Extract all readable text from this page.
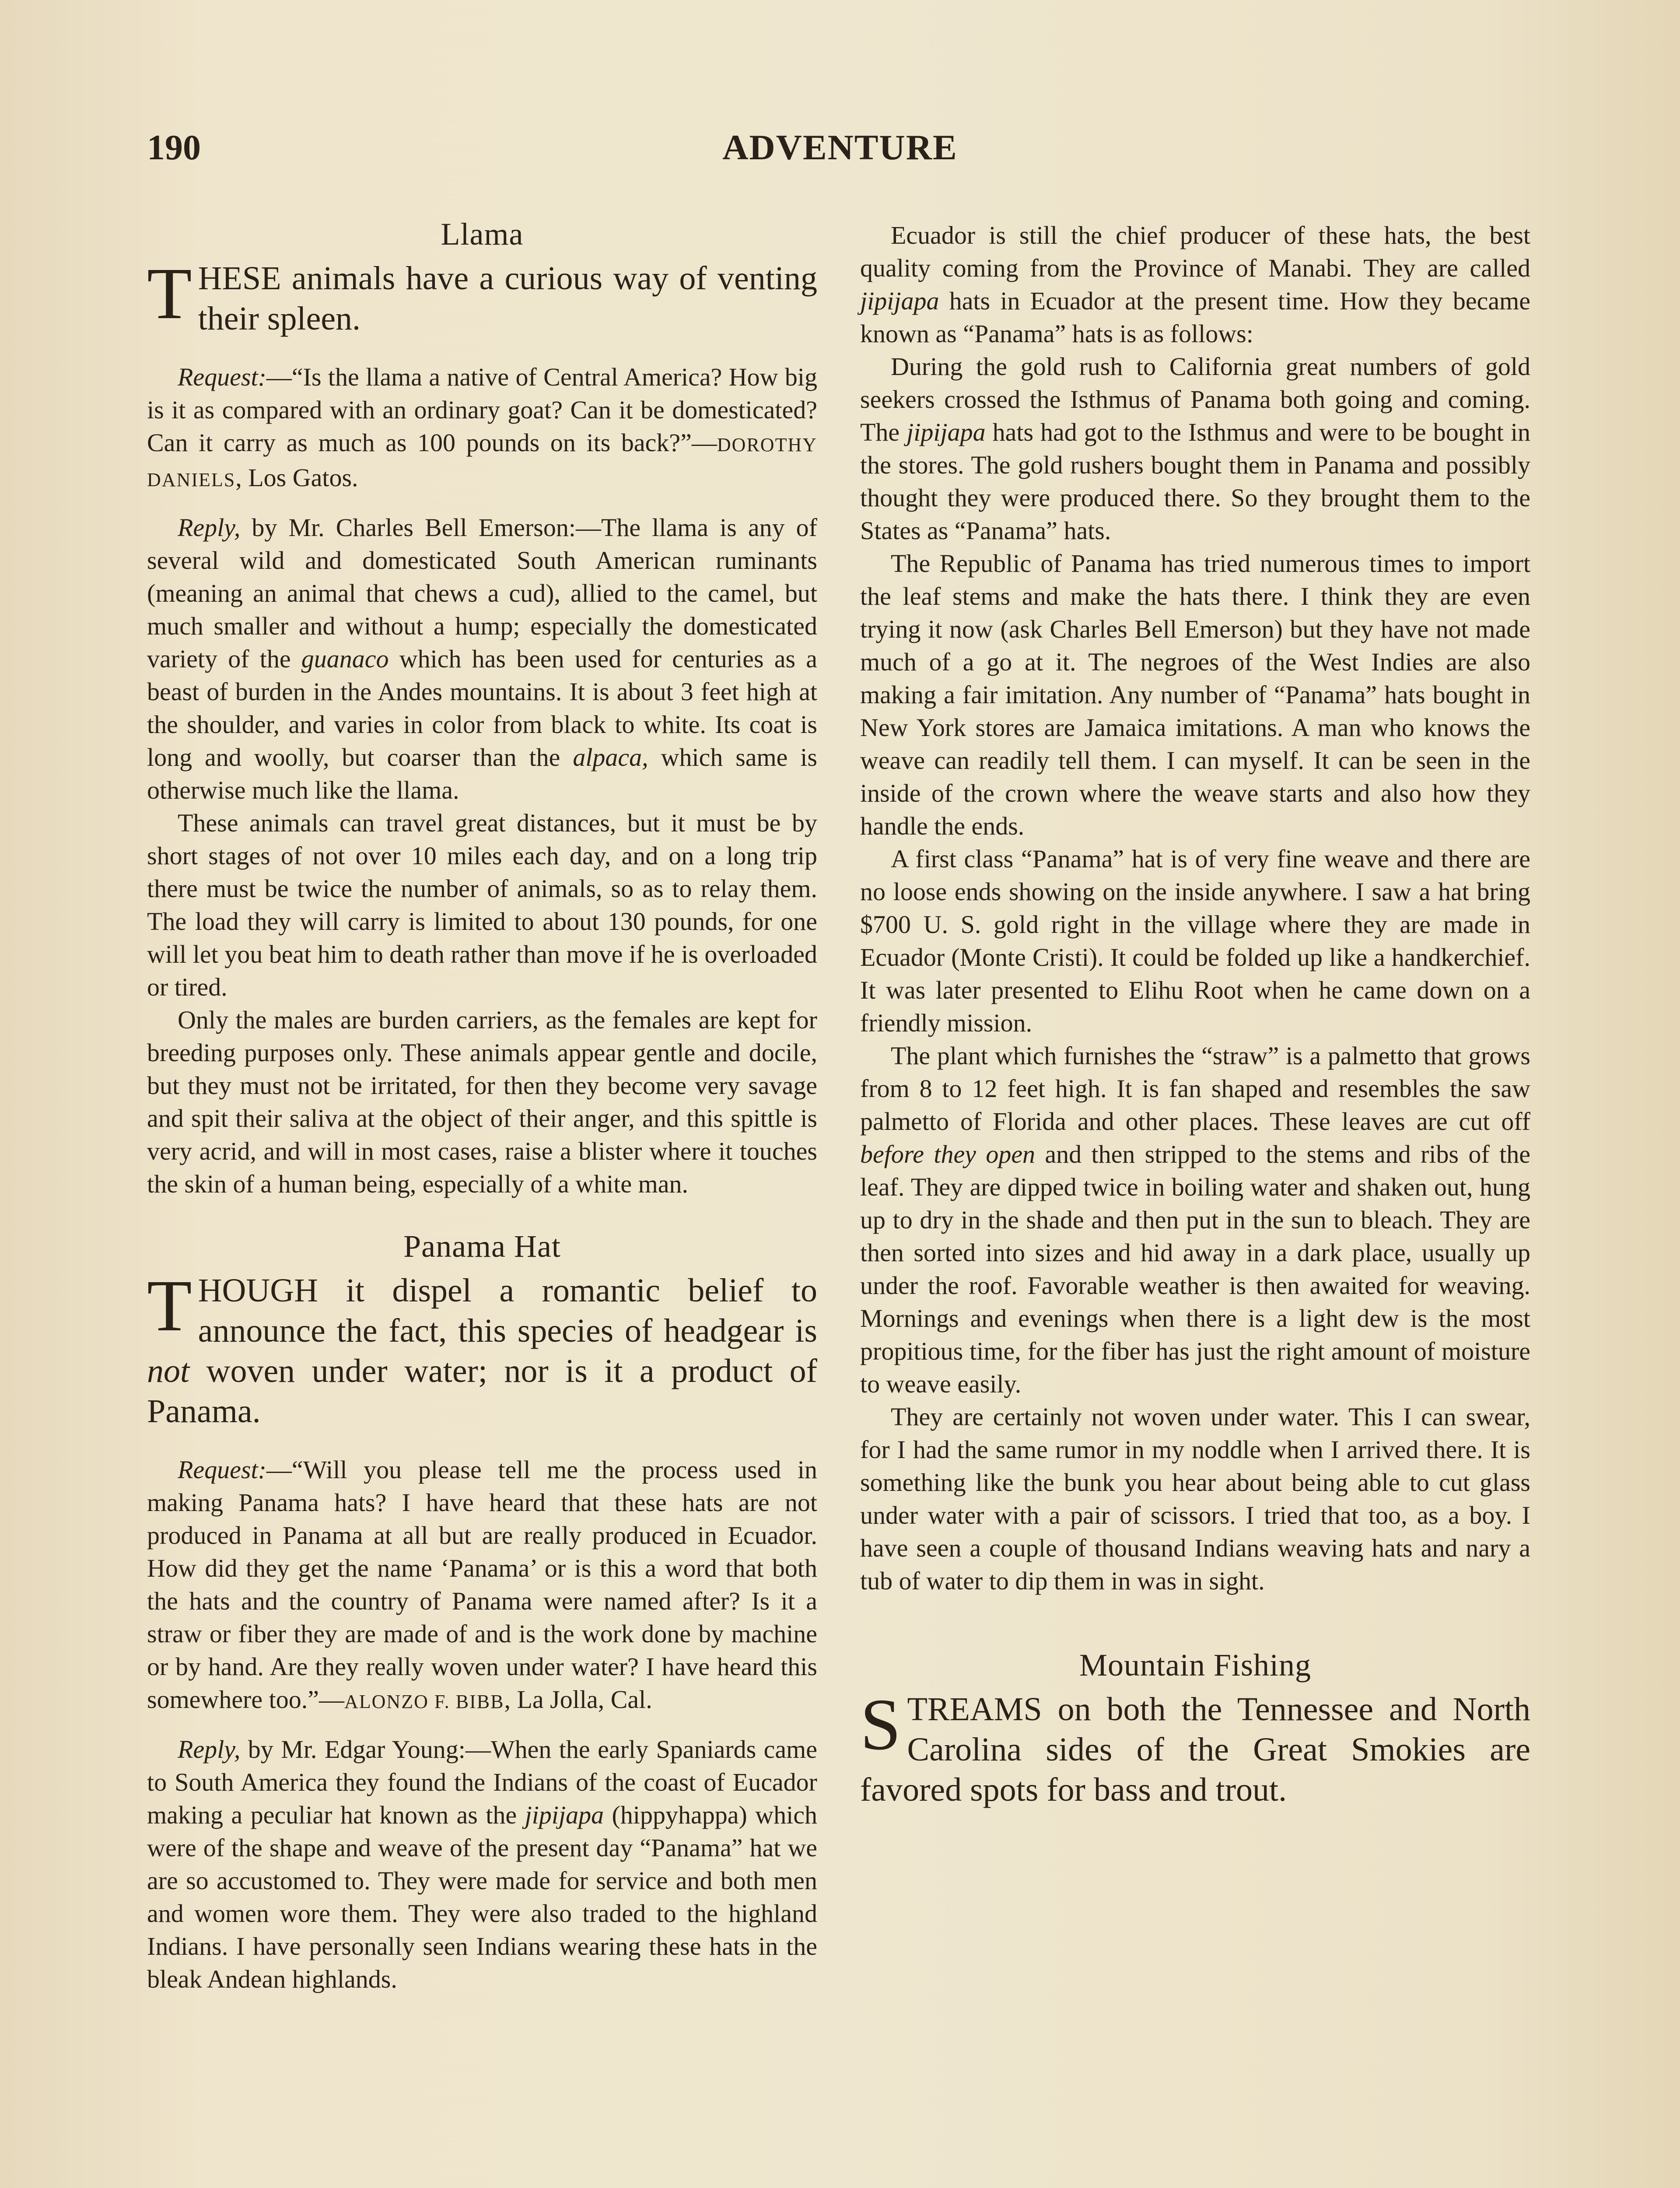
190	ADVENTURE
Llama

THESE animals have a curious way of venting their spleen.

Request:—“Is the llama a native of Central America? How big is it as compared with an ordinary goat? Can it be domesticated? Can it carry as much as 100 pounds on its back?”—DOROTHY DANIELS, Los Gatos.

Reply, by Mr. Charles Bell Emerson:—The llama is any of several wild and domesticated South American ruminants (meaning an animal that chews a cud), allied to the camel, but much smaller and without a hump; especially the domesticated variety of the guanaco which has been used for centuries as a beast of burden in the Andes mountains. It is about 3 feet high at the shoulder, and varies in color from black to white. Its coat is long and woolly, but coarser than the alpaca, which same is otherwise much like the llama.

These animals can travel great distances, but it must be by short stages of not over 10 miles each day, and on a long trip there must be twice the number of animals, so as to relay them. The load they will carry is limited to about 130 pounds, for one will let you beat him to death rather than move if he is overloaded or tired.

Only the males are burden carriers, as the females are kept for breeding purposes only. These animals appear gentle and docile, but they must not be irritated, for then they become very savage and spit their saliva at the object of their anger, and this spittle is very acrid, and will in most cases, raise a blister where it touches the skin of a human being, especially of a white man.

Panama Hat

THOUGH it dispel a romantic belief to announce the fact, this species of headgear is not woven under water; nor is it a product of Panama.

Request:—“Will you please tell me the process used in making Panama hats? I have heard that these hats are not produced in Panama at all but are really produced in Ecuador. How did they get the name ‘Panama’ or is this a word that both the hats and the country of Panama were named after? Is it a straw or fiber they are made of and is the work done by machine or by hand. Are they really woven under water? I have heard this somewhere too.”—ALONZO F. BIBB, La Jolla, Cal.

Reply, by Mr. Edgar Young:—When the early Spaniards came to South America they found the Indians of the coast of Eucador making a peculiar hat known as the jipijapa (hippyhappa) which were of the shape and weave of the present day “Panama” hat we are so accustomed to. They were made for service and both men and women wore them. They were also traded to the highland Indians. I have personally seen Indians wearing these hats in the bleak Andean highlands.

Ecuador is still the chief producer of these hats, the best quality coming from the Province of Manabi. They are called jipijapa hats in Ecuador at the present time. How they became known as “Panama” hats is as follows:

During the gold rush to California great numbers of gold seekers crossed the Isthmus of Panama both going and coming. The jipijapa hats had got to the Isthmus and were to be bought in the stores. The gold rushers bought them in Panama and possibly thought they were produced there. So they brought them to the States as “Panama” hats.

The Republic of Panama has tried numerous times to import the leaf stems and make the hats there. I think they are even trying it now (ask Charles Bell Emerson) but they have not made much of a go at it. The negroes of the West Indies are also making a fair imitation. Any number of “Panama” hats bought in New York stores are Jamaica imitations. A man who knows the weave can readily tell them. I can myself. It can be seen in the inside of the crown where the weave starts and also how they handle the ends.

A first class “Panama” hat is of very fine weave and there are no loose ends showing on the inside anywhere. I saw a hat bring $700 U. S. gold right in the village where they are made in Ecuador (Monte Cristi). It could be folded up like a handkerchief. It was later presented to Elihu Root when he came down on a friendly mission.

The plant which furnishes the “straw” is a palmetto that grows from 8 to 12 feet high. It is fan shaped and resembles the saw palmetto of Florida and other places. These leaves are cut off before they open and then stripped to the stems and ribs of the leaf. They are dipped twice in boiling water and shaken out, hung up to dry in the shade and then put in the sun to bleach. They are then sorted into sizes and hid away in a dark place, usually up under the roof. Favorable weather is then awaited for weaving. Mornings and evenings when there is a light dew is the most propitious time, for the fiber has just the right amount of moisture to weave easily.

They are certainly not woven under water. This I can swear, for I had the same rumor in my noddle when I arrived there. It is something like the bunk you hear about being able to cut glass under water with a pair of scissors. I tried that too, as a boy. I have seen a couple of thousand Indians weaving hats and nary a tub of water to dip them in was in sight.

Mountain Fishing

STREAMS on both the Tennessee and North Carolina sides of the Great Smokies are favored spots for bass and trout.
